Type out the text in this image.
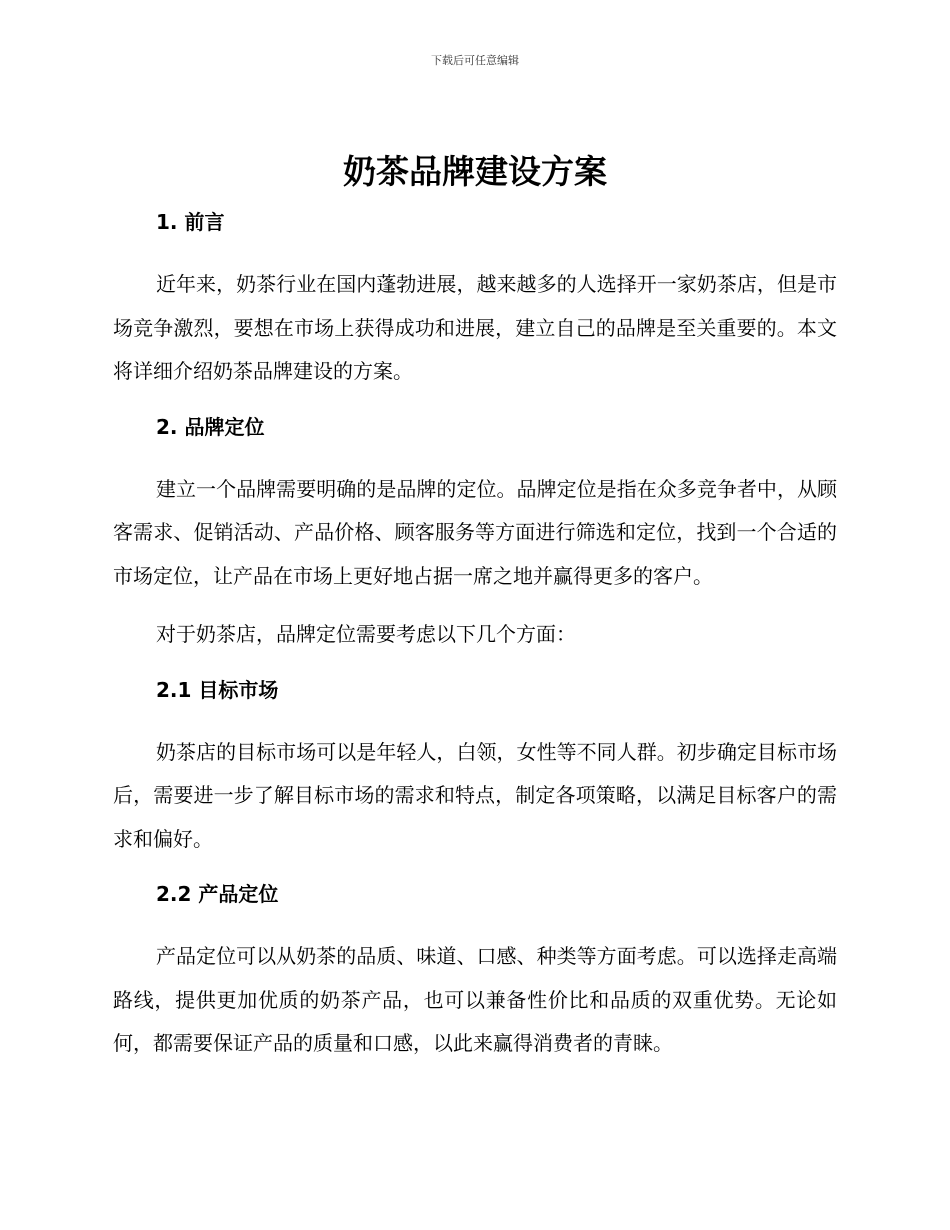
下载后可任意编辑
奶茶品牌建设方案
1. 前言

近年来，奶茶行业在国内蓬勃进展，越来越多的人选择开一家奶茶店，但是市场竞争激烈，要想在市场上获得成功和进展，建立自己的品牌是至关重要的。本文将详细介绍奶茶品牌建设的方案。

2. 品牌定位

建立一个品牌需要明确的是品牌的定位。品牌定位是指在众多竞争者中，从顾客需求、促销活动、产品价格、顾客服务等方面进行筛选和定位，找到一个合适的市场定位，让产品在市场上更好地占据一席之地并赢得更多的客户。

对于奶茶店，品牌定位需要考虑以下几个方面：

2.1 目标市场

奶茶店的目标市场可以是年轻人，白领，女性等不同人群。初步确定目标市场后，需要进一步了解目标市场的需求和特点，制定各项策略，以满足目标客户的需求和偏好。

2.2 产品定位

产品定位可以从奶茶的品质、味道、口感、种类等方面考虑。可以选择走高端路线，提供更加优质的奶茶产品，也可以兼备性价比和品质的双重优势。无论如何，都需要保证产品的质量和口感，以此来赢得消费者的青睐。
